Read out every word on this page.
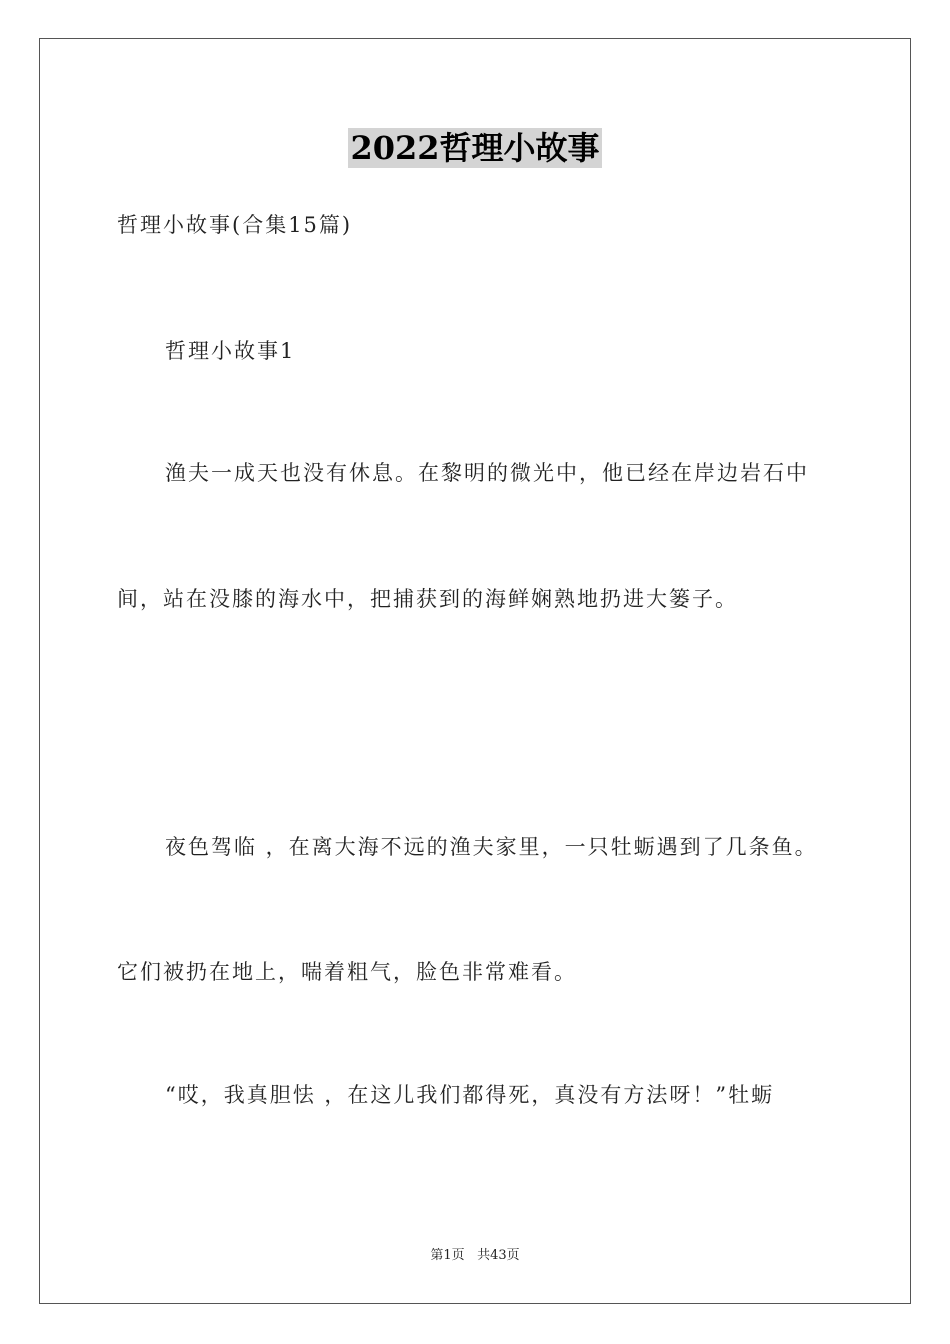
2022哲理小故事
哲理小故事(合集15篇)
哲理小故事1
渔夫一成天也没有休息。在黎明的微光中，他已经在岸边岩石中
间，站在没膝的海水中，把捕获到的海鲜娴熟地扔进大篓子。
夜色驾临 ，在离大海不远的渔夫家里，一只牡蛎遇到了几条鱼。
它们被扔在地上，喘着粗气，脸色非常难看。
“哎，我真胆怯 ，在这儿我们都得死，真没有方法呀！”牡蛎
第1页 共43页
